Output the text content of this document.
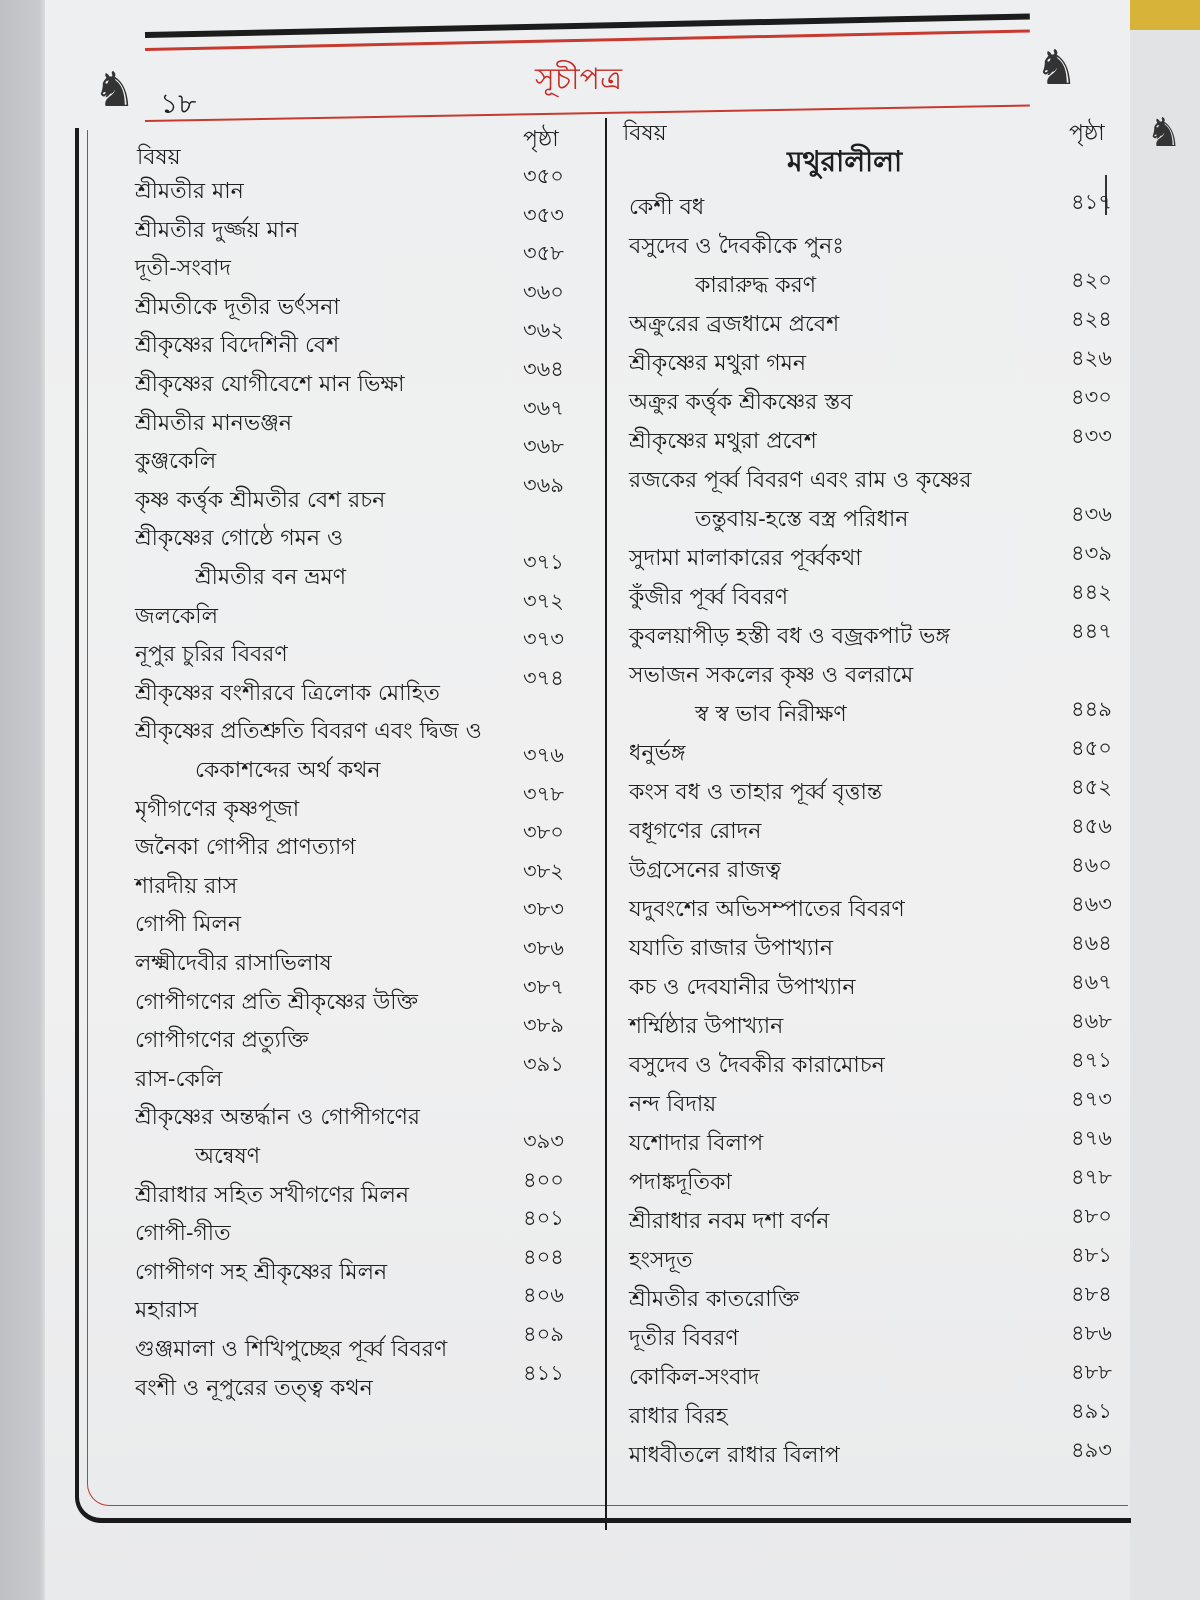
♞
♞	♞
১৮
সূচীপত্র
বিষয়
পৃষ্ঠা
শ্রীমতীর মান
৩৫০
শ্রীমতীর দুর্জ্জয় মান
৩৫৩
দূতী-সংবাদ
৩৫৮
শ্রীমতীকে দূতীর ভর্ৎসনা
৩৬০
শ্রীকৃষ্ণের বিদেশিনী বেশ
৩৬২
শ্রীকৃষ্ণের যোগীবেশে মান ভিক্ষা
৩৬৪
শ্রীমতীর মানভঞ্জন
৩৬৭
কুঞ্জকেলি
৩৬৮
কৃষ্ণ কর্ত্তৃক শ্রীমতীর বেশ রচন
৩৬৯
শ্রীকৃষ্ণের গোষ্ঠে গমন ও
শ্রীমতীর বন ভ্রমণ
৩৭১
জলকেলি
৩৭২
নূপুর চুরির বিবরণ
৩৭৩
শ্রীকৃষ্ণের বংশীরবে ত্রিলোক মোহিত
৩৭৪
শ্রীকৃষ্ণের প্রতিশ্রুতি বিবরণ এবং দ্বিজ ও
কেকাশব্দের অর্থ কথন
৩৭৬
মৃগীগণের কৃষ্ণপূজা
৩৭৮
জনৈকা গোপীর প্রাণত্যাগ
৩৮০
শারদীয় রাস
৩৮২
গোপী মিলন
৩৮৩
লক্ষ্মীদেবীর রাসাভিলাষ
৩৮৬
গোপীগণের প্রতি শ্রীকৃষ্ণের উক্তি
৩৮৭
গোপীগণের প্রত্যুক্তি
৩৮৯
রাস-কেলি
৩৯১
শ্রীকৃষ্ণের অন্তর্দ্ধান ও গোপীগণের
অন্বেষণ
৩৯৩
শ্রীরাধার সহিত সখীগণের মিলন
৪০০
গোপী-গীত
৪০১
গোপীগণ সহ শ্রীকৃষ্ণের মিলন
৪০৪
মহারাস
৪০৬
গুঞ্জমালা ও শিখিপুচ্ছের পূর্ব্ব বিবরণ
৪০৯
বংশী ও নূপুরের তত্ত্ব কথন
৪১১
বিষয়	পৃষ্ঠা
মথুরালীলা
কেশী বধ	৪১৭
বসুদেব ও দৈবকীকে পুনঃ
কারারুদ্ধ করণ	৪২০
অক্রুরের ব্রজধামে প্রবেশ	৪২৪
শ্রীকৃষ্ণের মথুরা গমন	৪২৬
অক্রুর কর্ত্তৃক শ্রীকষ্ণের স্তব	৪৩০
শ্রীকৃষ্ণের মথুরা প্রবেশ	৪৩৩
রজকের পূর্ব্ব বিবরণ এবং রাম ও কৃষ্ণের
তন্তুবায়-হস্তে বস্ত্র পরিধান	৪৩৬
সুদামা মালাকারের পূর্ব্বকথা	৪৩৯
কুঁজীর পূর্ব্ব বিবরণ	৪৪২
কুবলয়াপীড় হস্তী বধ ও বজ্রকপাট ভঙ্গ	৪৪৭
সভাজন সকলের কৃষ্ণ ও বলরামে
স্ব স্ব ভাব নিরীক্ষণ	৪৪৯
ধনুর্ভঙ্গ	৪৫০
কংস বধ ও তাহার পূর্ব্ব বৃত্তান্ত	৪৫২
বধূগণের রোদন	৪৫৬
উগ্রসেনের রাজত্ব	৪৬০
যদুবংশের অভিসম্পাতের বিবরণ	৪৬৩
যযাতি রাজার উপাখ্যান	৪৬৪
কচ ও দেবযানীর উপাখ্যান	৪৬৭
শর্ম্মিষ্ঠার উপাখ্যান	৪৬৮
বসুদেব ও দৈবকীর কারামোচন	৪৭১
নন্দ বিদায়	৪৭৩
যশোদার বিলাপ	৪৭৬
পদাঙ্কদূতিকা	৪৭৮
শ্রীরাধার নবম দশা বর্ণন	৪৮০
হংসদূত	৪৮১
শ্রীমতীর কাতরোক্তি	৪৮৪
দূতীর বিবরণ	৪৮৬
কোকিল-সংবাদ	৪৮৮
রাধার বিরহ	৪৯১
মাধবীতলে রাধার বিলাপ	৪৯৩
